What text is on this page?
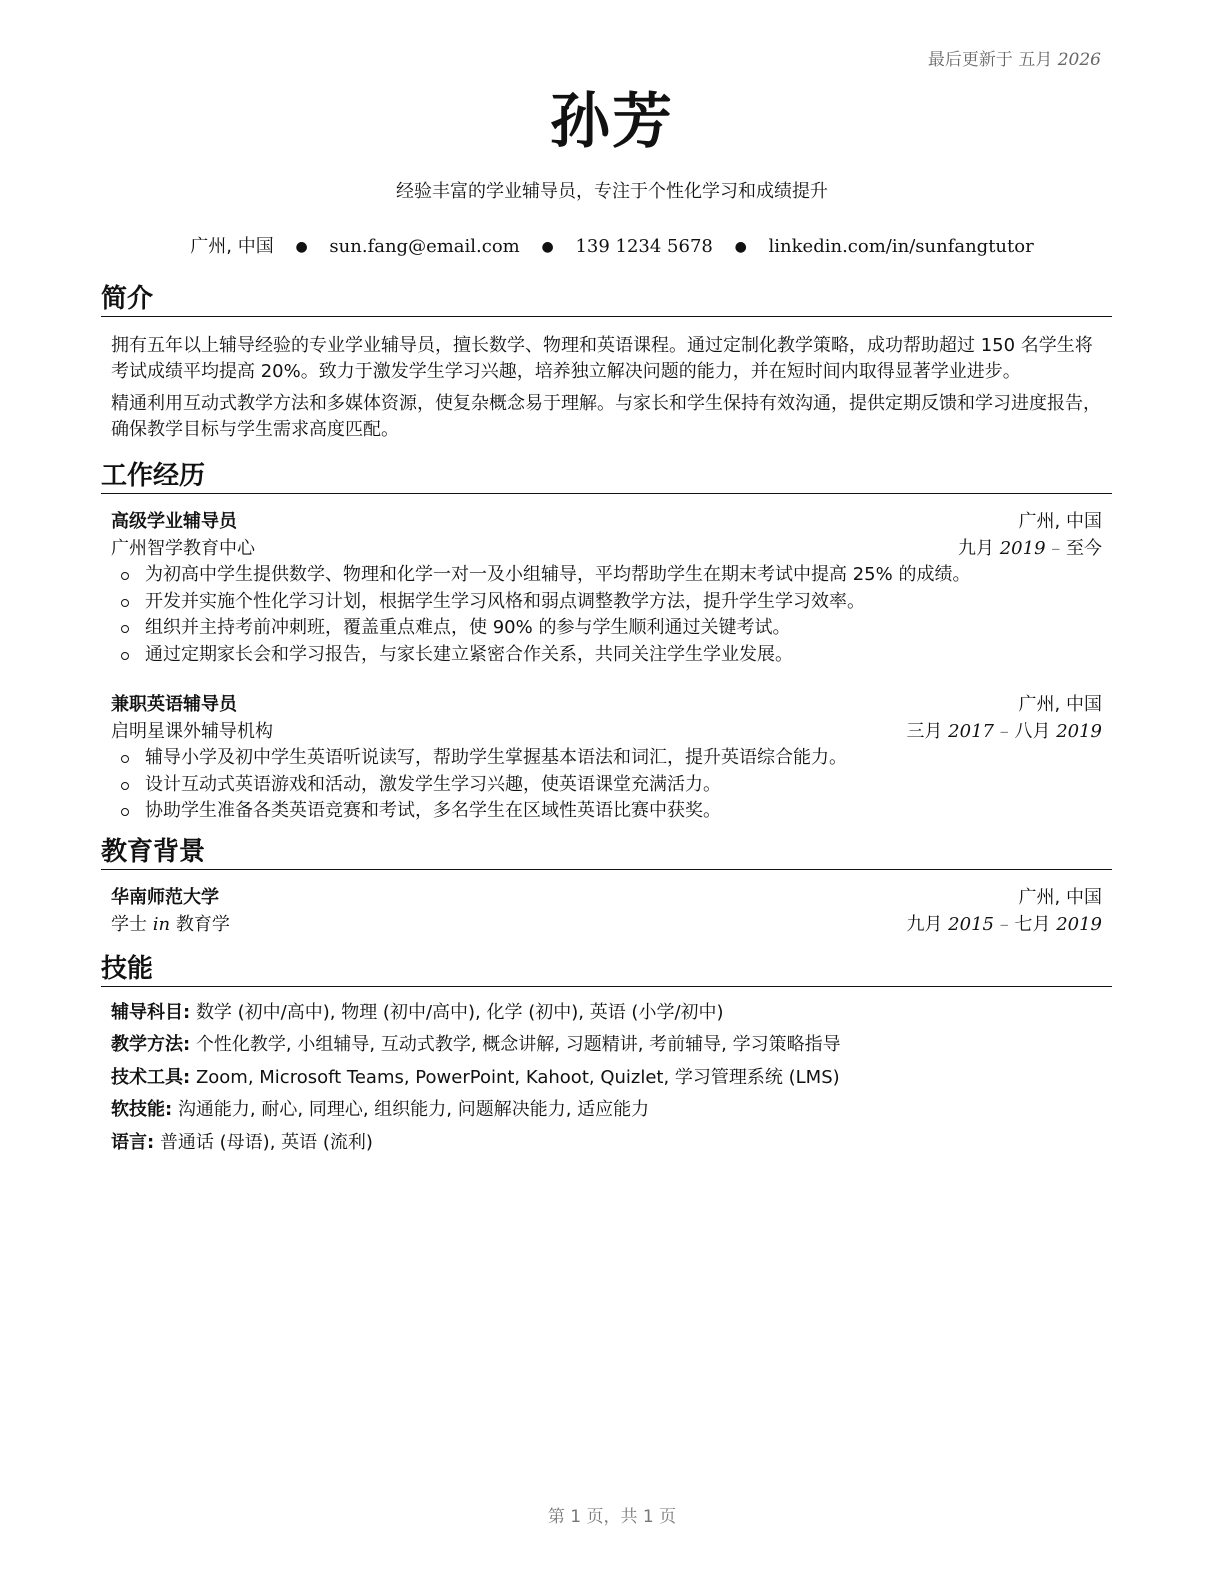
最后更新于 五月 2026
孙芳
经验丰富的学业辅导员，专注于个性化学习和成绩提升
广州, 中国 ● sun.fang@email.com ● 139 1234 5678 ● linkedin.com/in/sunfangtutor
简介

拥有五年以上辅导经验的专业学业辅导员，擅长数学、物理和英语课程。通过定制化教学策略，成功帮助超过 150 名学生将考试成绩平均提高 20%。致力于激发学生学习兴趣，培养独立解决问题的能力，并在短时间内取得显著学业进步。

精通利用互动式教学方法和多媒体资源，使复杂概念易于理解。与家长和学生保持有效沟通，提供定期反馈和学习进度报告，确保教学目标与学生需求高度匹配。

工作经历
高级学业辅导员	广州, 中国
广州智学教育中心	九月 2019 – 至今
为初高中学生提供数学、物理和化学一对一及小组辅导，平均帮助学生在期末考试中提高 25% 的成绩。
开发并实施个性化学习计划，根据学生学习风格和弱点调整教学方法，提升学生学习效率。
组织并主持考前冲刺班，覆盖重点难点，使 90% 的参与学生顺利通过关键考试。
通过定期家长会和学习报告，与家长建立紧密合作关系，共同关注学生学业发展。
兼职英语辅导员	广州, 中国
启明星课外辅导机构	三月 2017 – 八月 2019
辅导小学及初中学生英语听说读写，帮助学生掌握基本语法和词汇，提升英语综合能力。
设计互动式英语游戏和活动，激发学生学习兴趣，使英语课堂充满活力。
协助学生准备各类英语竞赛和考试，多名学生在区域性英语比赛中获奖。
教育背景
华南师范大学	广州, 中国
学士 in 教育学	九月 2015 – 七月 2019
技能
辅导科目: 数学 (初中/高中), 物理 (初中/高中), 化学 (初中), 英语 (小学/初中)
教学方法: 个性化教学, 小组辅导, 互动式教学, 概念讲解, 习题精讲, 考前辅导, 学习策略指导
技术工具: Zoom, Microsoft Teams, PowerPoint, Kahoot, Quizlet, 学习管理系统 (LMS)
软技能: 沟通能力, 耐心, 同理心, 组织能力, 问题解决能力, 适应能力
语言: 普通话 (母语), 英语 (流利)
第 1 页，共 1 页
